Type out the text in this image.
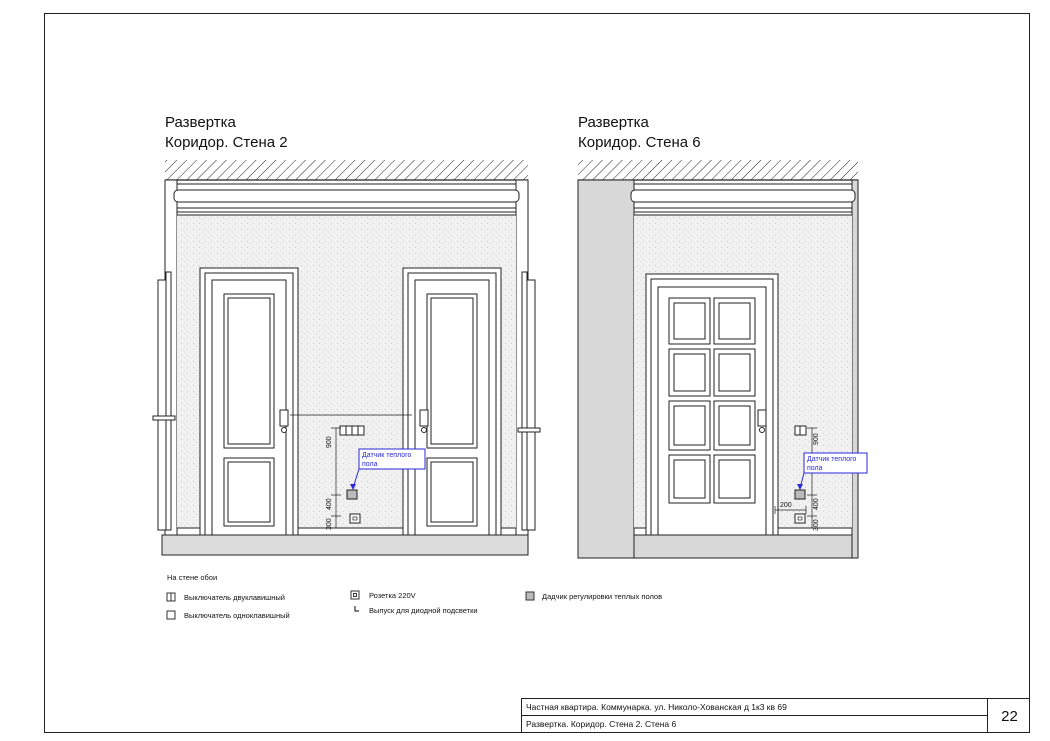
Развертка
Коридор. Стена 2
Развертка
Коридор. Стена 6
900
400
300
Датчик теплого
пола
900
400
300
200
Датчик теплого
пола
На стене обои
Выключатель двуклавишный
Выключатель одноклавишный
Розетка 220V
Выпуск для диодной подсветки
Дадчик регулировки теплых полов
Частная квартира. Коммунарка. ул. Николо-Хованская д 1к3 кв 69
Развертка. Коридор. Стена 2. Стена 6	22
